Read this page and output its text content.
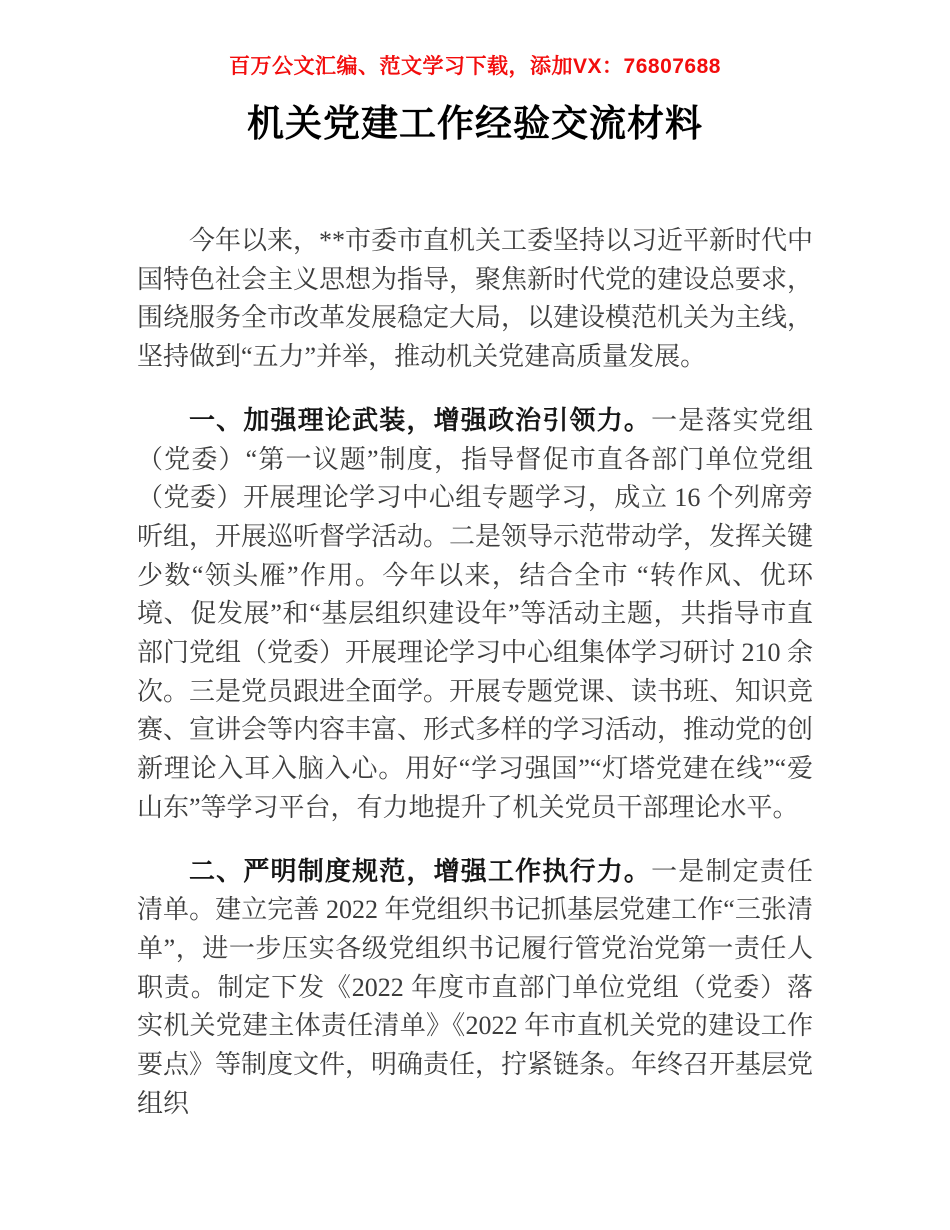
百万公文汇编、范文学习下载，添加VX：76807688
机关党建工作经验交流材料

今年以来，**市委市直机关工委坚持以习近平新时代中国特色社会主义思想为指导，聚焦新时代党的建设总要求，围绕服务全市改革发展稳定大局，以建设模范机关为主线，坚持做到“五力”并举，推动机关党建高质量发展。

一、加强理论武装，增强政治引领力。一是落实党组（党委）“第一议题”制度，指导督促市直各部门单位党组（党委）开展理论学习中心组专题学习，成立 16 个列席旁听组，开展巡听督学活动。二是领导示范带动学，发挥关键少数“领头雁”作用。今年以来，结合全市 “转作风、优环境、促发展”和“基层组织建设年”等活动主题，共指导市直部门党组（党委）开展理论学习中心组集体学习研讨 210 余次。三是党员跟进全面学。开展专题党课、读书班、知识竞赛、宣讲会等内容丰富、形式多样的学习活动，推动党的创新理论入耳入脑入心。用好“学习强国”“灯塔党建在线”“爱山东”等学习平台，有力地提升了机关党员干部理论水平。

二、严明制度规范，增强工作执行力。一是制定责任清单。建立完善 2022 年党组织书记抓基层党建工作“三张清单”，进一步压实各级党组织书记履行管党治党第一责任人职责。制定下发《2022 年度市直部门单位党组（党委）落实机关党建主体责任清单》《2022 年市直机关党的建设工作要点》等制度文件，明确责任，拧紧链条。年终召开基层党组织
